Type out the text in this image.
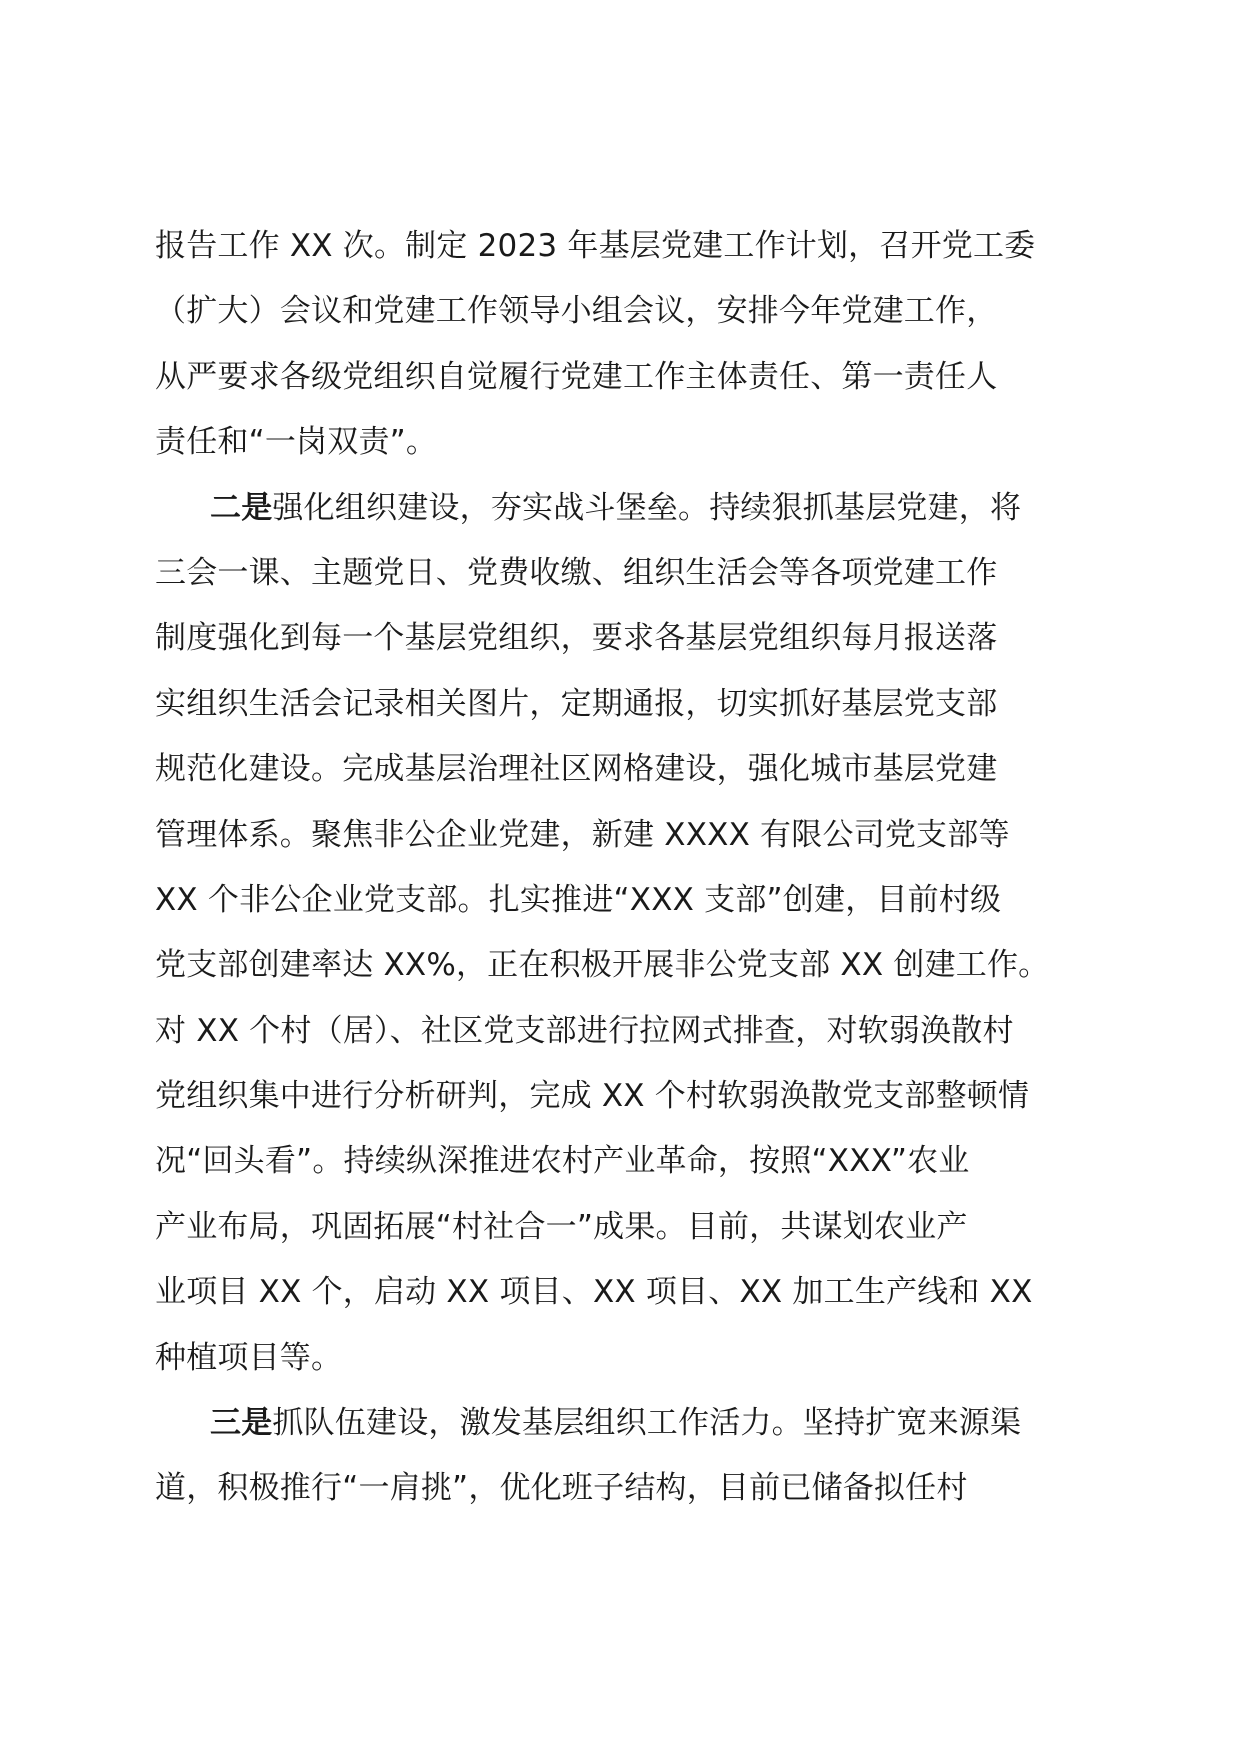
报告工作 XX 次。制定 2023 年基层党建工作计划，召开党工委
（扩大）会议和党建工作领导小组会议，安排今年党建工作，
从严要求各级党组织自觉履行党建工作主体责任、第一责任人
责任和“一岗双责”。
二是强化组织建设，夯实战斗堡垒。持续狠抓基层党建，将
三会一课、主题党日、党费收缴、组织生活会等各项党建工作
制度强化到每一个基层党组织，要求各基层党组织每月报送落
实组织生活会记录相关图片，定期通报，切实抓好基层党支部
规范化建设。完成基层治理社区网格建设，强化城市基层党建
管理体系。聚焦非公企业党建，新建 XXXX 有限公司党支部等
XX 个非公企业党支部。扎实推进“XXX 支部”创建，目前村级
党支部创建率达 XX%，正在积极开展非公党支部 XX 创建工作。
对 XX 个村（居）、社区党支部进行拉网式排查，对软弱涣散村
党组织集中进行分析研判，完成 XX 个村软弱涣散党支部整顿情
况“回头看”。持续纵深推进农村产业革命，按照“XXX”农业
产业布局，巩固拓展“村社合一”成果。目前，共谋划农业产
业项目 XX 个，启动 XX 项目、XX 项目、XX 加工生产线和 XX
种植项目等。
三是抓队伍建设，激发基层组织工作活力。坚持扩宽来源渠
道，积极推行“一肩挑”，优化班子结构，目前已储备拟任村
